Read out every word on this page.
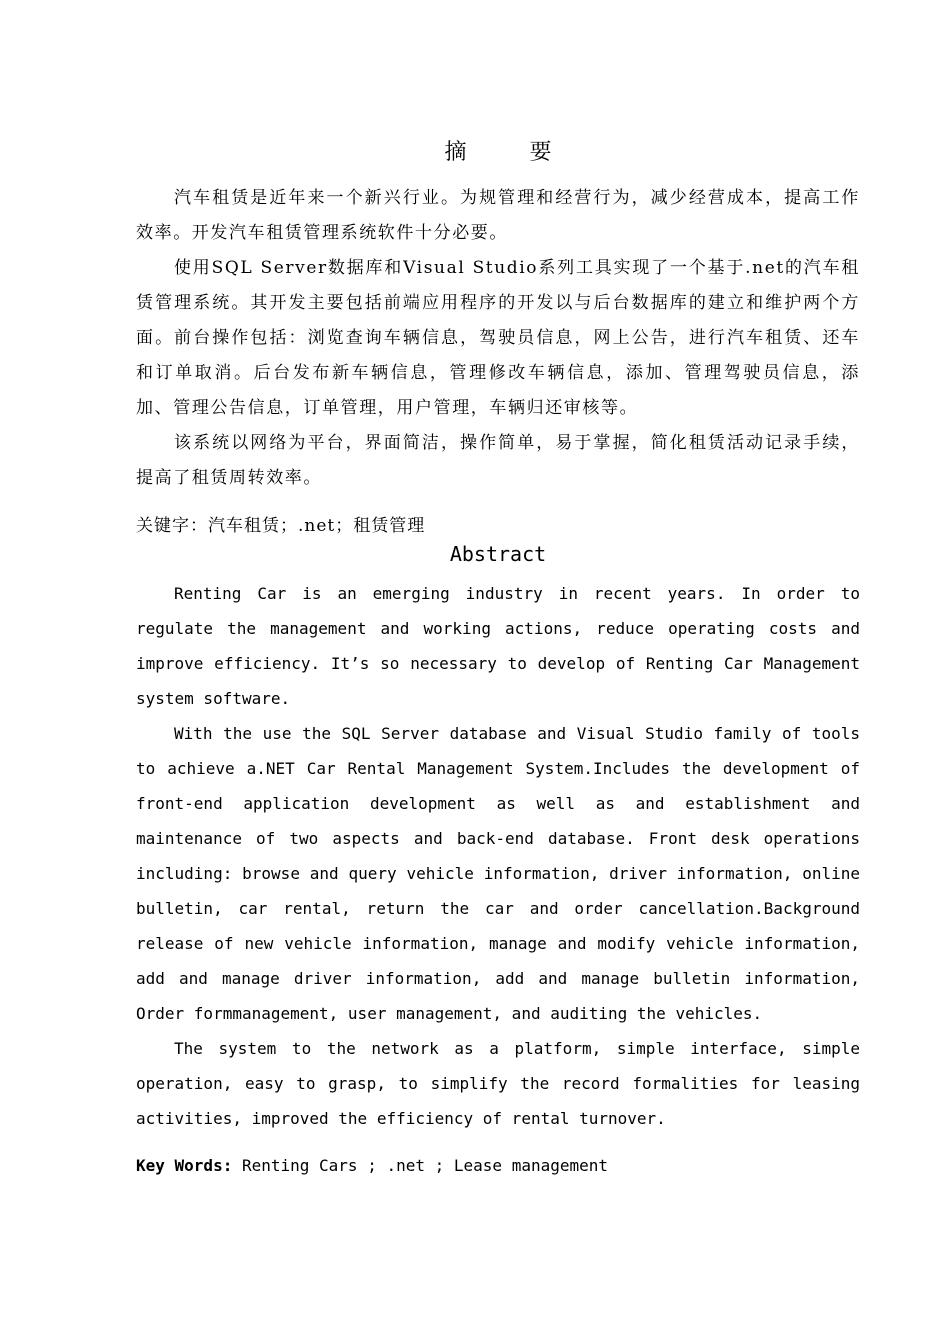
摘 要

汽车租赁是近年来一个新兴行业。为规管理和经营行为，减少经营成本，提高工作效率。开发汽车租赁管理系统软件十分必要。

使用SQL Server数据库和Visual Studio系列工具实现了一个基于.net的汽车租赁管理系统。其开发主要包括前端应用程序的开发以与后台数据库的建立和维护两个方面。前台操作包括：浏览查询车辆信息，驾驶员信息，网上公告，进行汽车租赁、还车和订单取消。后台发布新车辆信息，管理修改车辆信息，添加、管理驾驶员信息，添加、管理公告信息，订单管理，用户管理，车辆归还审核等。

该系统以网络为平台，界面简洁，操作简单，易于掌握，简化租赁活动记录手续，提高了租赁周转效率。

关键字：汽车租赁；.net；租赁管理
Abstract

Renting Car is an emerging industry in recent years. In order to regulate the management and working actions, reduce operating costs and improve efficiency. It’s so necessary to develop of Renting Car Management system software.

With the use the SQL Server database and Visual Studio family of tools to achieve a.NET Car Rental Management System.Includes the development of front-end application development as well as and establishment and maintenance of two aspects and back-end database. Front desk operations including: browse and query vehicle information, driver information, online bulletin, car rental, return the car and order cancellation.Background release of new vehicle information, manage and modify vehicle information, add and manage driver information, add and manage bulletin information, Order formmanagement, user management, and auditing the vehicles.

The system to the network as a platform, simple interface, simple operation, easy to grasp, to simplify the record formalities for leasing activities, improved the efficiency of rental turnover.

Key Words: Renting Cars ; .net ; Lease management
